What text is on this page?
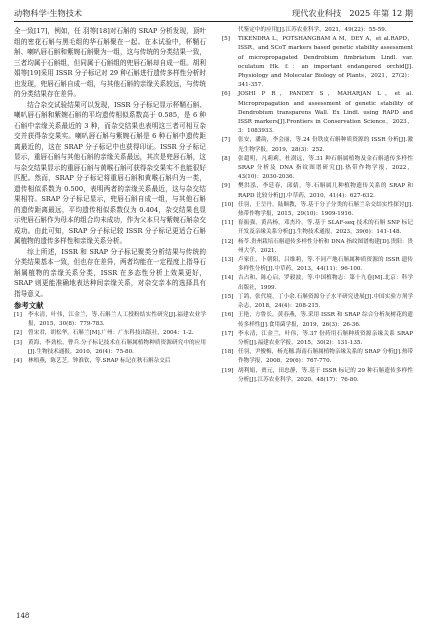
动物科学·生物技术	现代农业科技　2025 年第 12 期

全一致[17]，例如，任 羽等[18]对石斛的 SRAP 分析发现，顶叶组的密花石斛与黑毛组的华石斛聚在一起。在本试验中，杯鞘石斛、喇叭唇石斛和紫婉石斛聚为一组，这与传统的分类结果一致，三者均属于石斛组，但同属于石斛组的兜唇石斛却自成一组。胡利娟等[19]采用 ISSR 分子标记对 29 种石斛进行遗传多样性分析时也发现，兜唇石斛自成一组，与其他石斛的亲缘关系较远，与传统的分类结果存在差异。

结合杂交试验结果可以发现，ISSR 分子标记显示杯鞘石斛、喇叭唇石斛和紫婉石斛的平均遗传相似系数高于 0.585，是 6 种石斛中亲缘关系最近的 3 种，而杂交结果也表明这三者可相互杂交并获得杂交果实。喇叭唇石斛与紫婉石斛是 6 种石斛中遗传距离最近的，这在 SRAP 分子标记中也获得印证。ISSR 分子标记显示，重唇石斛与其他石斛的亲缘关系最远，其次是兜唇石斛，这与杂交结果显示的重唇石斛与黄喉石斛可获得杂交果实不也能很好匹配。然而，SRAP 分子标记将重唇石斛和黄喉石斛归为一类，遗传相似系数为 0.500，表明两者的亲缘关系最近，这与杂交结果相符。SRAP 分子标记显示，兜唇石斛自成一组，与其他石斛的遗传距离最远，平均遗传相似系数仅为 0.404，杂交结果也显示兜唇石斛作为母本的组合均未成功，作为父本只与紫婉石斛杂交成功。由此可知，SRAP 分子标记较 ISSR 分子标记更适合石斛属植物的遗传多样性和亲缘关系分析。

综上所述，ISSR 和 SRAP 分子标记聚类分析结果与传统的分类结果基本一致，但也存在差异，两者均能在一定程度上指导石斛属植物的亲缘关系分类，ISSR 在多态性分析上效果更好，SRAP 则更能准确地表达种间亲缘关系，对杂交亲本的选择具有指导意义。

参考文献
[1] 李永清，叶伟，江金兰，等.石斛兰人工授粉结实性研究[J].福建农业学报，2015，30(8)：779-783.
[2] 曾宋君，胡松华，石斛兰[M].广州：广东科技出版社，2004：1-2.
[3] 黄海，李劲松，曹兵.分子标记技术在石斛属植物种质资源研究中的应用[J].生物技术通报，2010，26(4)：75-80.
[4] 林梧燕，陈艺芝，钟淮钦，等.SRAP 标记在秋石斛杂交后
代鉴定中的应用[J].江苏农业科学，2021，49(22)：55-59.
[5] TIKENDRA L，POTSHANGBAM A M，DEY A，et al.RAPD，ISSR，and SCoT markers based genetic stability assessment of micropropagated Dendrobium fimbriatum Lindl. var. oculatum Hk. f.：an important endangered orchid[J]. Physiology and Molecular Biology of Plants，2021，27(2)：341-357.
[6] JOSHI P R，PANDEY S，MAHARJAN L，et al. Micropropagation and assessment of genetic stability of Dendrobium transparens Wall. Ex Lindl. using RAPD and ISSR markers[J].Frontiers in Conservation Science，2023，3：1083933.
[7] 张安，潘韵，李会丽，等.24 份铁皮石斛种质资源的 ISSR 分析[J].激光生物学报，2019，28(3)：252.
[8] 张超明，凡莉莉，杜澍远，等.31 种石斛属植物及金石斛遗传多样性 SRAP 分析及 DNA 指纹图谱研究[J].热带作物学报，2022，43(10)：2030-2036.
[9] 樊洪泓，李廷春，邱婧，等.石斛属几种植物遗传关系的 SRAP 和 RAPD 比较分析[J].中草药，2010，41(4)：627-632.
[10] 任羽，王呈丹，陆顺教，等.基于分子分类的石斛兰杂交结实性探讨[J].热带作物学报，2015，29(10)：1909-1916.
[11] 崔振强，黄昌杨，邓杰玲，等.基于 SLAF-seq 技术的石斛 SNP 标记开发及亲缘关系分析[J].生物技术通报，2023，39(6)：141-148.
[12] 杨苓.贵州栽培石斛遗传多样性分析和 DNA 指纹图谱构建[D].贵阳：贵州大学，2021.
[13] 卢家仕，卜朝阳，吕维莉，等.不同产地石斛属种质资源的 ISSR 遗传多样性分析[J].中草药，2013，44(11)：96-100.
[14] 吉占和，陈心启，罗毅波，等.中国植物志：第十九卷[M].北京：科学出版社，1999.
[15] 丁鸽，张代境，丁小余.石斛资源分子水平研究进展[J].中国实验方剂学杂志，2018，24(4)：208-215.
[16] 王艳，方鲁长，黄春燕，等.采用 ISSR 和 SRAP 综合分析灰树花的遗传多样性[J].食用菌学报，2019，26(3)：26-36.
[17] 李永清，江金兰，叶伟，等.37 份药用石斛种质资源亲缘关系 SRAP 分析[J].福建农业学报，2015，30(2)：131-135.
[18] 任羽，尹俊梅，杨光穗.海南石斛属植物亲缘关系的 SRAP 分析[J].热带作物学报，2008，29(6)：767-770.
[19] 胡利娟，贾元，田忠静，等.基于 ISSR 标记的 29 种石斛遗传多样性分析[J].江苏农业科学，2020，48(17)：76-80.
148
